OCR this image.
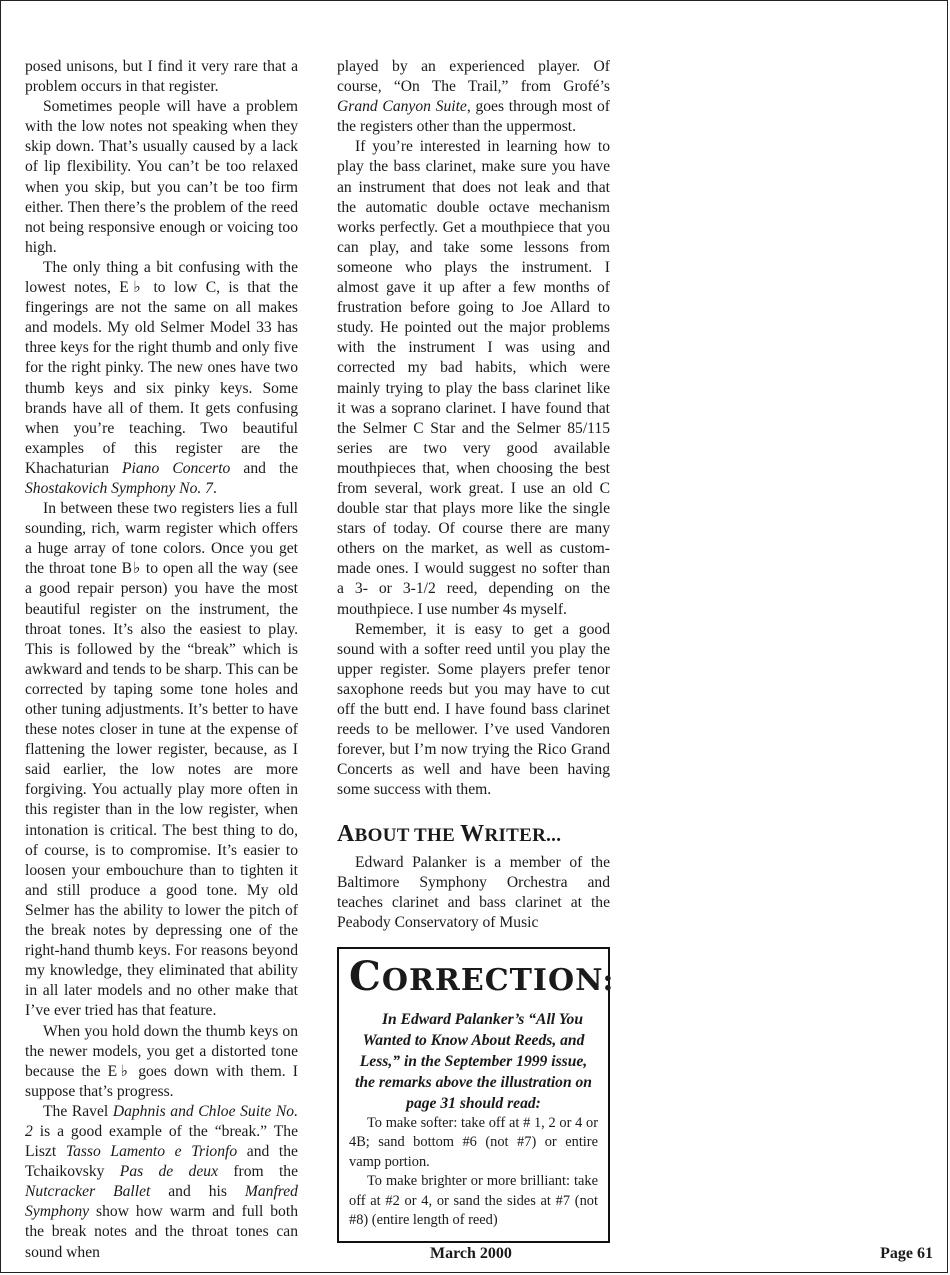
posed unisons, but I find it very rare that a problem occurs in that register.

Sometimes people will have a problem with the low notes not speaking when they skip down. That’s usually caused by a lack of lip flexibility. You can’t be too relaxed when you skip, but you can’t be too firm either. Then there’s the problem of the reed not being responsive enough or voicing too high.

The only thing a bit confusing with the lowest notes, E♭ to low C, is that the fingerings are not the same on all makes and models. My old Selmer Model 33 has three keys for the right thumb and only five for the right pinky. The new ones have two thumb keys and six pinky keys. Some brands have all of them. It gets confusing when you’re teaching. Two beautiful examples of this register are the Khachaturian Piano Concerto and the Shostakovich Symphony No. 7.

In between these two registers lies a full sounding, rich, warm register which offers a huge array of tone colors. Once you get the throat tone B♭ to open all the way (see a good repair person) you have the most beautiful register on the instrument, the throat tones. It’s also the easiest to play. This is followed by the “break” which is awkward and tends to be sharp. This can be corrected by taping some tone holes and other tuning adjustments. It’s better to have these notes closer in tune at the expense of flattening the lower register, because, as I said earlier, the low notes are more forgiving. You actually play more often in this register than in the low register, when intonation is critical. The best thing to do, of course, is to compromise. It’s easier to loosen your embouchure than to tighten it and still produce a good tone. My old Selmer has the ability to lower the pitch of the break notes by depressing one of the right-hand thumb keys. For reasons beyond my knowledge, they eliminated that ability in all later models and no other make that I’ve ever tried has that feature.

When you hold down the thumb keys on the newer models, you get a distorted tone because the E♭ goes down with them. I suppose that’s progress.

The Ravel Daphnis and Chloe Suite No. 2 is a good example of the “break.” The Liszt Tasso Lamento e Trionfo and the Tchaikovsky Pas de deux from the Nutcracker Ballet and his Manfred Symphony show how warm and full both the break notes and the throat tones can sound when

played by an experienced player. Of course, “On The Trail,” from Grofé’s Grand Canyon Suite, goes through most of the registers other than the uppermost.

If you’re interested in learning how to play the bass clarinet, make sure you have an instrument that does not leak and that the automatic double octave mechanism works perfectly. Get a mouthpiece that you can play, and take some lessons from someone who plays the instrument. I almost gave it up after a few months of frustration before going to Joe Allard to study. He pointed out the major problems with the instrument I was using and corrected my bad habits, which were mainly trying to play the bass clarinet like it was a soprano clarinet. I have found that the Selmer C Star and the Selmer 85/115 series are two very good available mouthpieces that, when choosing the best from several, work great. I use an old C double star that plays more like the single stars of today. Of course there are many others on the market, as well as custom-made ones. I would suggest no softer than a 3- or 3-1/2 reed, depending on the mouthpiece. I use number 4s myself.

Remember, it is easy to get a good sound with a softer reed until you play the upper register. Some players prefer tenor saxophone reeds but you may have to cut off the butt end. I have found bass clarinet reeds to be mellower. I’ve used Vandoren forever, but I’m now trying the Rico Grand Concerts as well and have been having some success with them.

ABOUT THE WRITER...

Edward Palanker is a member of the Baltimore Symphony Orchestra and teaches clarinet and bass clarinet at the Peabody Conservatory of Music

CORRECTION:

In Edward Palanker’s “All You Wanted to Know About Reeds, and Less,” in the September 1999 issue, the remarks above the illustration on page 31 should read:

To make softer: take off at # 1, 2 or 4 or 4B; sand bottom #6 (not #7) or entire vamp portion.

To make brighter or more brilliant: take off at #2 or 4, or sand the sides at #7 (not #8) (entire length of reed)

March 2000	Page 61
